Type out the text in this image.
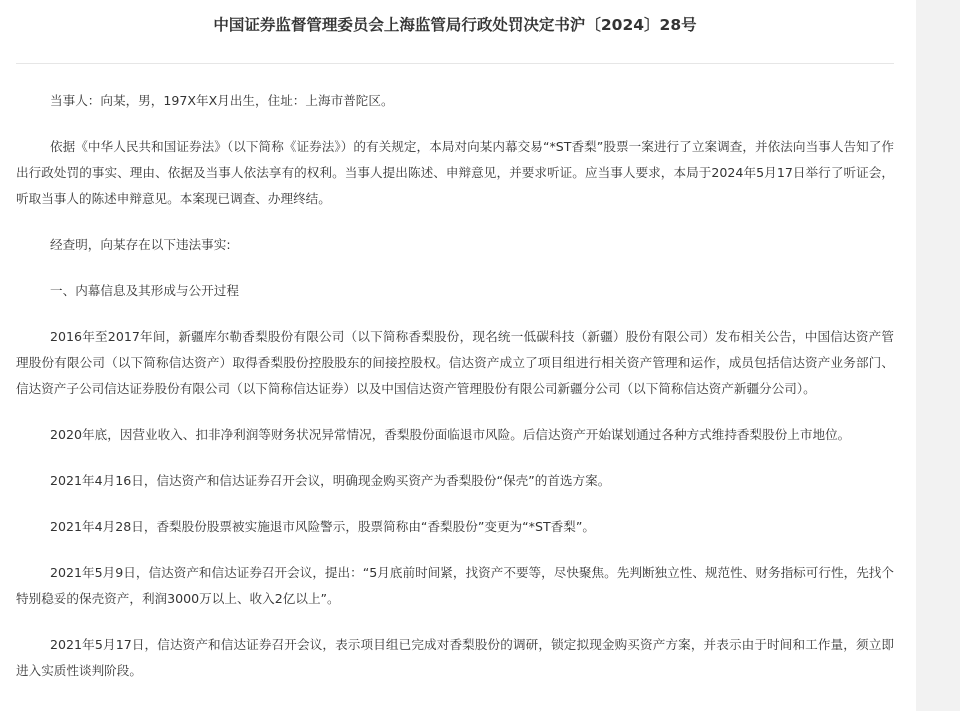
中国证券监督管理委员会上海监管局行政处罚决定书沪〔2024〕28号

当事人：向某，男，197X年X月出生，住址：上海市普陀区。

依据《中华人民共和国证券法》（以下简称《证券法》）的有关规定，本局对向某内幕交易“*ST香梨”股票一案进行了立案调查，并依法向当事人告知了作出行政处罚的事实、理由、依据及当事人依法享有的权利。当事人提出陈述、申辩意见，并要求听证。应当事人要求，本局于2024年5月17日举行了听证会，听取当事人的陈述申辩意见。本案现已调查、办理终结。

经查明，向某存在以下违法事实:

一、内幕信息及其形成与公开过程

2016年至2017年间，新疆库尔勒香梨股份有限公司（以下简称香梨股份，现名统一低碳科技（新疆）股份有限公司）发布相关公告，中国信达资产管理股份有限公司（以下简称信达资产）取得香梨股份控股股东的间接控股权。信达资产成立了项目组进行相关资产管理和运作，成员包括信达资产业务部门、信达资产子公司信达证券股份有限公司（以下简称信达证券）以及中国信达资产管理股份有限公司新疆分公司（以下简称信达资产新疆分公司）。

2020年底，因营业收入、扣非净利润等财务状况异常情况，香梨股份面临退市风险。后信达资产开始谋划通过各种方式维持香梨股份上市地位。

2021年4月16日，信达资产和信达证券召开会议，明确现金购买资产为香梨股份“保壳”的首选方案。

2021年4月28日，香梨股份股票被实施退市风险警示，股票简称由“香梨股份”变更为“*ST香梨”。

2021年5月9日，信达资产和信达证券召开会议，提出：“5月底前时间紧，找资产不要等，尽快聚焦。先判断独立性、规范性、财务指标可行性，先找个特别稳妥的保壳资产，利润3000万以上、收入2亿以上”。

2021年5月17日，信达资产和信达证券召开会议，表示项目组已完成对香梨股份的调研，锁定拟现金购买资产方案，并表示由于时间和工作量，须立即进入实质性谈判阶段。
